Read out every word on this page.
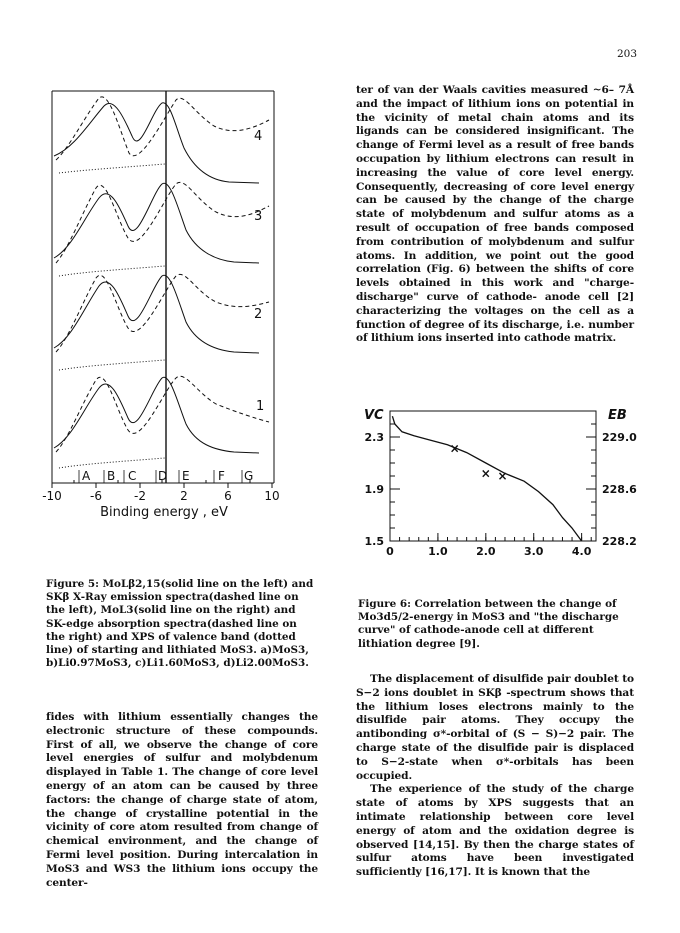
203

ter of van der Waals cavities measured ~6– 7Å and the impact of lithium ions on potential in the vicinity of metal chain atoms and its ligands can be considered insignificant. The change of Fermi level as a result of free bands occupation by lithium electrons can result in increasing the value of core level energy. Consequently, decreasing of core level energy can be caused by the change of the charge state of molybdenum and sulfur atoms as a result of occupation of free bands composed from contribution of molybdenum and sulfur atoms. In addition, we point out the good correlation (Fig. 6) between the shifts of core levels obtained in this work and "charge-discharge" curve of cathode- anode cell [2] characterizing the voltages on the cell as a function of degree of its discharge, i.e. number of lithium ions inserted into cathode matrix.

4
3
2
1
A B C D E F G
-10 -6	-2	2	6	10
Binding energy , eV
0	1.0	2.0	3.0	4.0
1.5
1.9
2.3
228.2
228.6
229.0
×
× ×
VC	EB
Figure 5: MoLβ2,15(solid line on the left) and SKβ X-Ray emission spectra(dashed line on the left), MoL3(solid line on the right) and SK-edge absorption spectra(dashed line on the right) and XPS of valence band (dotted line) of starting and lithiated MoS3. a)MoS3, b)Li0.97MoS3, c)Li1.60MoS3, d)Li2.00MoS3.
Figure 6: Correlation between the change of Mo3d5/2-energy in MoS3 and "the discharge curve" of cathode-anode cell at different lithiation degree [9].

fides with lithium essentially changes the electronic structure of these compounds. First of all, we observe the change of core level energies of sulfur and molybdenum displayed in Table 1. The change of core level energy of an atom can be caused by three factors: the change of charge state of atom, the change of crystalline potential in the vicinity of core atom resulted from change of chemical environment, and the change of Fermi level position. During intercalation in MoS3 and WS3 the lithium ions occupy the center-

The displacement of disulfide pair doublet to S−2 ions doublet in SKβ -spectrum shows that the lithium loses electrons mainly to the disulfide pair atoms. They occupy the antibonding σ*-orbital of (S − S)−2 pair. The charge state of the disulfide pair is displaced to S−2-state when σ*-orbitals has been occupied.

The experience of the study of the charge state of atoms by XPS suggests that an intimate relationship between core level energy of atom and the oxidation degree is observed [14,15]. By then the charge states of sulfur atoms have been investigated sufficiently [16,17]. It is known that the
